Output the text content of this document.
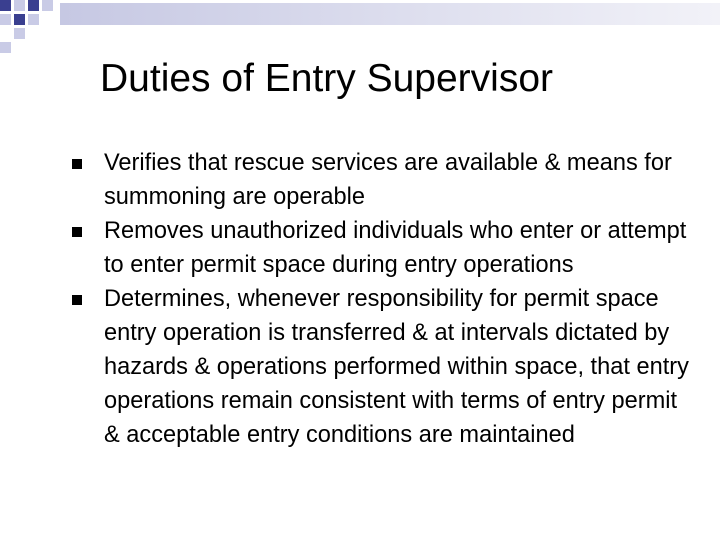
Duties of Entry Supervisor
Verifies that rescue services are available & means for summoning are operable
Removes unauthorized individuals who enter or attempt to enter permit space during entry operations
Determines, whenever responsibility for permit space entry operation is transferred & at intervals dictated by hazards & operations performed within space, that entry operations remain consistent with terms of entry permit & acceptable entry conditions are maintained
